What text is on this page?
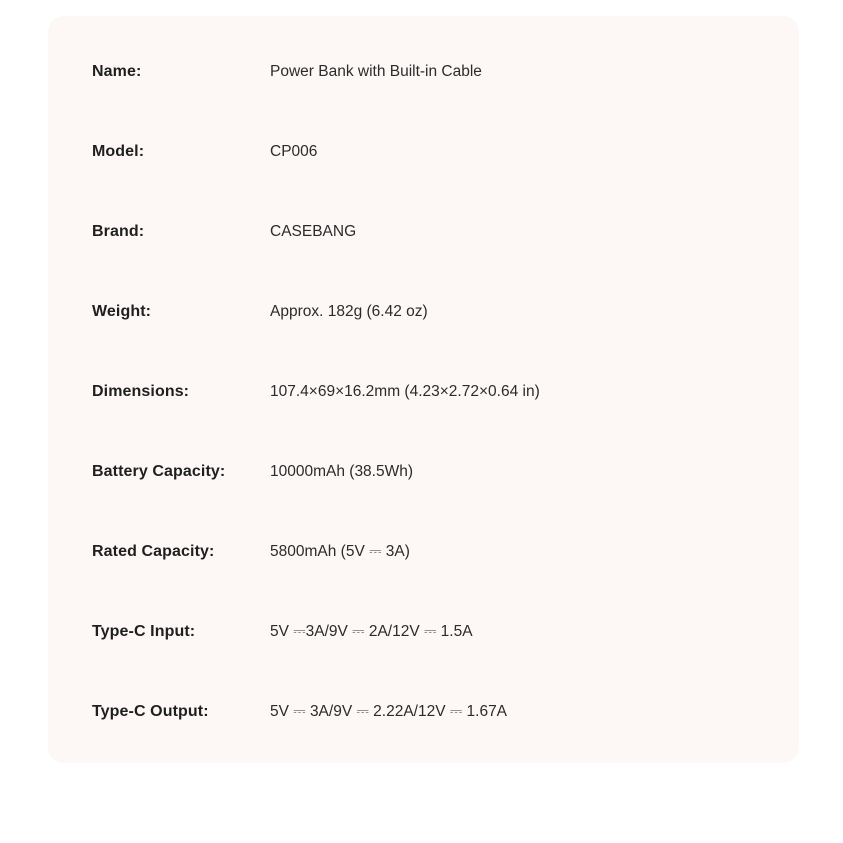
Name:	Power Bank with Built-in Cable
Model:	CP006
Brand:	CASEBANG
Weight:	Approx. 182g (6.42 oz)
Dimensions:	107.4×69×16.2mm (4.23×2.72×0.64 in)
Battery Capacity:	10000mAh (38.5Wh)
Rated Capacity:	5800mAh (5V ⎓ 3A)
Type-C Input:	5V ⎓3A/9V ⎓ 2A/12V ⎓ 1.5A
Type-C Output:	5V ⎓ 3A/9V ⎓ 2.22A/12V ⎓ 1.67A
